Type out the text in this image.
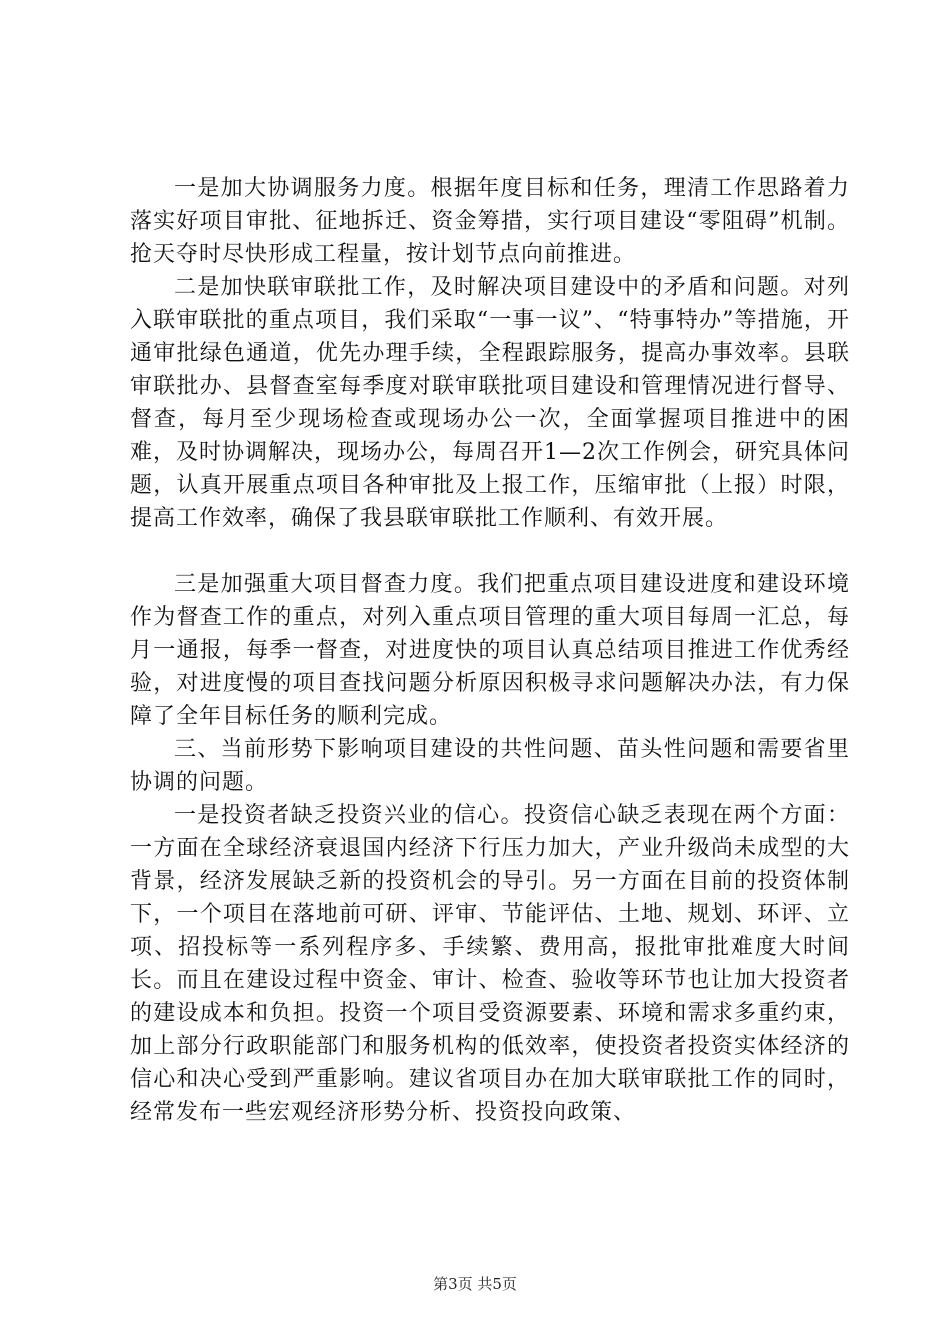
一是加大协调服务力度。根据年度目标和任务，理清工作思路着力落实好项目审批、征地拆迁、资金筹措，实行项目建设“零阻碍”机制。抢天夺时尽快形成工程量，按计划节点向前推进。

二是加快联审联批工作，及时解决项目建设中的矛盾和问题。对列入联审联批的重点项目，我们采取“一事一议”、“特事特办”等措施，开通审批绿色通道，优先办理手续，全程跟踪服务，提高办事效率。县联审联批办、县督查室每季度对联审联批项目建设和管理情况进行督导、督查，每月至少现场检查或现场办公一次，全面掌握项目推进中的困难，及时协调解决，现场办公，每周召开1—2次工作例会，研究具体问题，认真开展重点项目各种审批及上报工作，压缩审批（上报）时限，提高工作效率，确保了我县联审联批工作顺利、有效开展。

三是加强重大项目督查力度。我们把重点项目建设进度和建设环境作为督查工作的重点，对列入重点项目管理的重大项目每周一汇总，每月一通报，每季一督查，对进度快的项目认真总结项目推进工作优秀经验，对进度慢的项目查找问题分析原因积极寻求问题解决办法，有力保障了全年目标任务的顺利完成。

三、当前形势下影响项目建设的共性问题、苗头性问题和需要省里协调的问题。

一是投资者缺乏投资兴业的信心。投资信心缺乏表现在两个方面：一方面在全球经济衰退国内经济下行压力加大，产业升级尚未成型的大背景，经济发展缺乏新的投资机会的导引。另一方面在目前的投资体制下，一个项目在落地前可研、评审、节能评估、土地、规划、环评、立项、招投标等一系列程序多、手续繁、费用高，报批审批难度大时间长。而且在建设过程中资金、审计、检查、验收等环节也让加大投资者的建设成本和负担。投资一个项目受资源要素、环境和需求多重约束，加上部分行政职能部门和服务机构的低效率，使投资者投资实体经济的信心和决心受到严重影响。建议省项目办在加大联审联批工作的同时，经常发布一些宏观经济形势分析、投资投向政策、

第3页 共5页
